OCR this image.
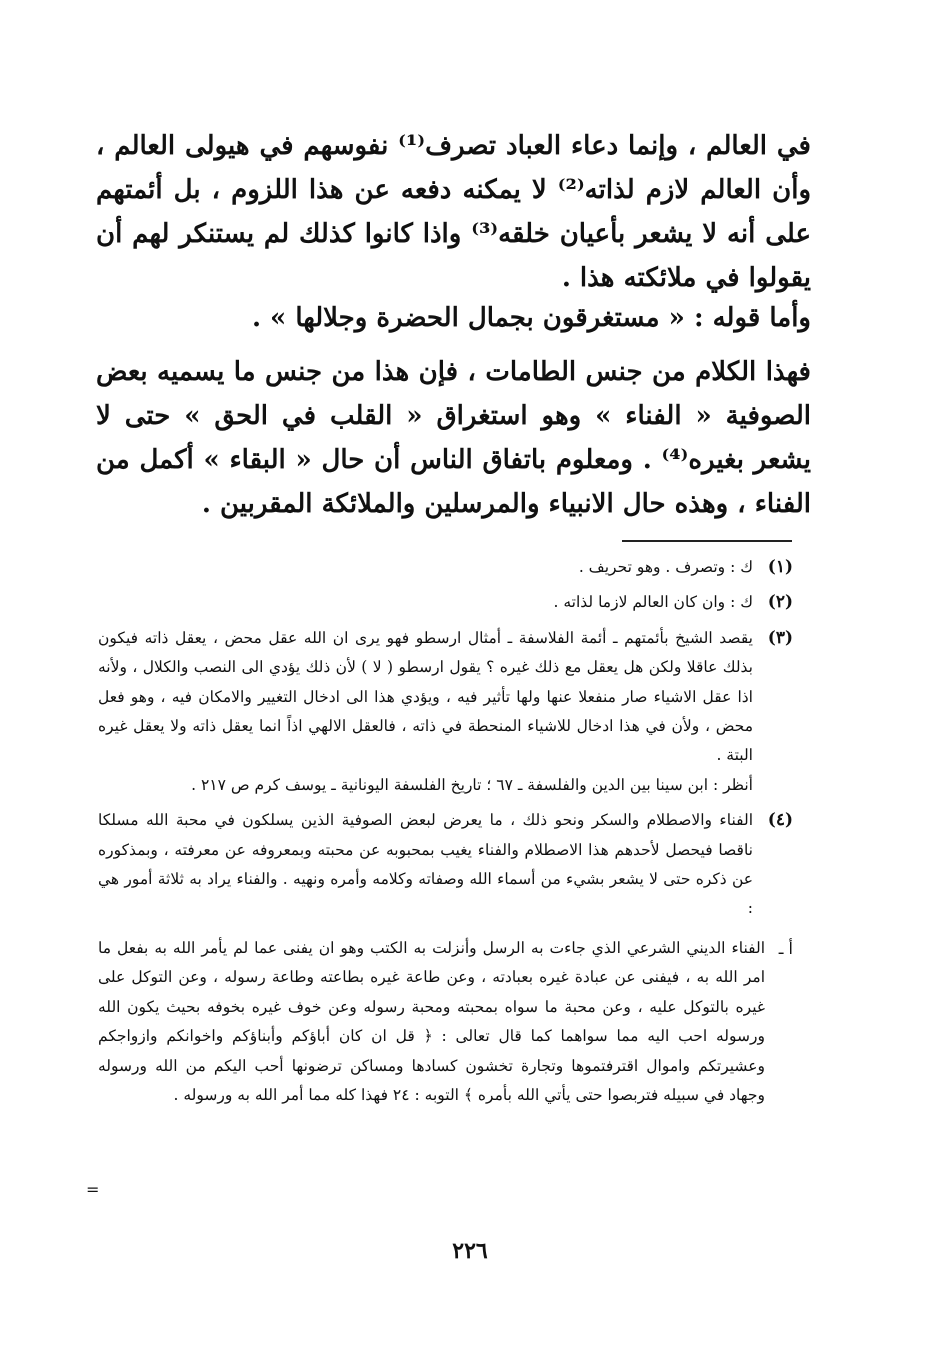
في العالم ، وإنما دعاء العباد تصرف⁽¹⁾ نفوسهم في هيولى العالم ، وأن العالم لازم لذاته⁽²⁾ لا يمكنه دفعه عن هذا اللزوم ، بل أئمتهم على أنه لا يشعر بأعيان خلقه⁽³⁾ واذا كانوا كذلك لم يستنكر لهم أن يقولوا في ملائكته هذا .

وأما قوله : « مستغرقون بجمال الحضرة وجلالها » .

فهذا الكلام من جنس الطامات ، فإن هذا من جنس ما يسميه بعض الصوفية « الفناء » وهو استغراق « القلب في الحق » حتى لا يشعر بغيره⁽⁴⁾ . ومعلوم باتفاق الناس أن حال « البقاء » أكمل من الفناء ، وهذه حال الانبياء والمرسلين والملائكة المقربين .

(١)
ك : وتصرف . وهو تحريف .
(٢)
ك : وان كان العالم لازما لذاته .
(٣)
يقصد الشيخ بأئمتهم ـ أئمة الفلاسفة ـ أمثال ارسطو فهو يرى ان الله عقل محض ، يعقل ذاته فيكون بذلك عاقلا ولكن هل يعقل مع ذلك غيره ؟ يقول ارسطو ( لا ) لأن ذلك يؤدي الى النصب والكلال ، ولأنه اذا عقل الاشياء صار منفعلا عنها ولها تأثير فيه ، ويؤدي هذا الى ادخال التغيير والامكان فيه ، وهو فعل محض ، ولأن في هذا ادخال للاشياء المنحطة في ذاته ، فالعقل الالهي اذاً انما يعقل ذاته ولا يعقل غيره البتة .
أنظر : ابن سينا بين الدين والفلسفة ـ ٦٧ ؛ تاريخ الفلسفة اليونانية ـ يوسف كرم ص ٢١٧ .
(٤)
الفناء والاصطلام والسكر ونحو ذلك ، ما يعرض لبعض الصوفية الذين يسلكون في محبة الله مسلكا ناقصا فيحصل لأحدهم هذا الاصطلام والفناء يغيب بمحبوبه عن محبته وبمعروفه عن معرفته ، وبمذكوره عن ذكره حتى لا يشعر بشيء من أسماء الله وصفاته وكلامه وأمره ونهيه . والفناء يراد به ثلاثة أمور هي :
أ ـ
الفناء الديني الشرعي الذي جاءت به الرسل وأنزلت به الكتب وهو ان يفنى عما لم يأمر الله به بفعل ما امر الله به ، فيفنى عن عبادة غيره بعبادته ، وعن طاعة غيره بطاعته وطاعة رسوله ، وعن التوكل على غيره بالتوكل عليه ، وعن محبة ما سواه بمحبته ومحبة رسوله وعن خوف غيره بخوفه بحيث يكون الله ورسوله احب اليه مما سواهما كما قال تعالى : ﴿ قل ان كان أباؤكم وأبناؤكم واخوانكم وازواجكم وعشيرتكم واموال اقترفتموها وتجارة تخشون كسادها ومساكن ترضونها أحب اليكم من الله ورسوله وجهاد في سبيله فتربصوا حتى يأتي الله بأمره ﴾ التوبه : ٢٤ فهذا كله مما أمر الله به ورسوله .
=
٢٢٦
